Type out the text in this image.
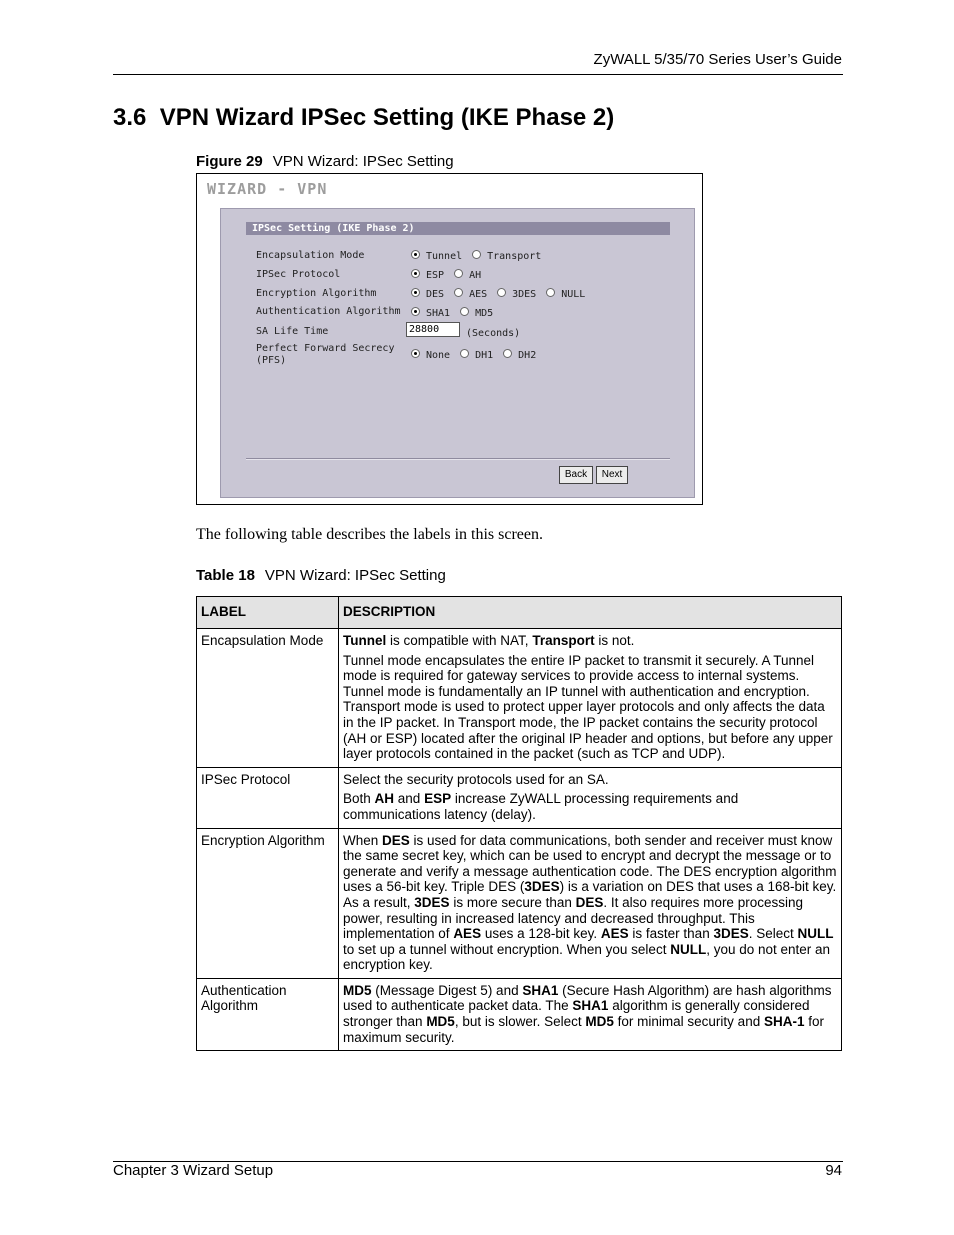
ZyWALL 5/35/70 Series User’s Guide
3.6  VPN Wizard IPSec Setting (IKE Phase 2)
Figure 29 VPN Wizard: IPSec Setting
WIZARD - VPN
IPSec Setting (IKE Phase 2)
Encapsulation Mode	Tunnel	Transport
IPSec Protocol	ESP	AH
Encryption Algorithm	DES	AES	3DES	NULL
Authentication Algorithm	SHA1	MD5
SA Life Time	28800	(Seconds)
Perfect Forward Secrecy
(PFS)	None	DH1	DH2
Back	Next
The following table describes the labels in this screen.
Table 18 VPN Wizard: IPSec Setting
LABEL	DESCRIPTION
Encapsulation Mode	Tunnel is compatible with NAT, Transport is not.

Tunnel mode encapsulates the entire IP packet to transmit it securely. A Tunnel mode is required for gateway services to provide access to internal systems. Tunnel mode is fundamentally an IP tunnel with authentication and encryption. Transport mode is used to protect upper layer protocols and only affects the data in the IP packet. In Transport mode, the IP packet contains the security protocol (AH or ESP) located after the original IP header and options, but before any upper layer protocols contained in the packet (such as TCP and UDP).

IPSec Protocol	Select the security protocols used for an SA.

Both AH and ESP increase ZyWALL processing requirements and communications latency (delay).

Encryption Algorithm	When DES is used for data communications, both sender and receiver must know the same secret key, which can be used to encrypt and decrypt the message or to generate and verify a message authentication code. The DES encryption algorithm uses a 56-bit key. Triple DES (3DES) is a variation on DES that uses a 168-bit key. As a result, 3DES is more secure than DES. It also requires more processing power, resulting in increased latency and decreased throughput. This implementation of AES uses a 128-bit key. AES is faster than 3DES. Select NULL to set up a tunnel without encryption. When you select NULL, you do not enter an encryption key.

Authentication Algorithm	MD5 (Message Digest 5) and SHA1 (Secure Hash Algorithm) are hash algorithms used to authenticate packet data. The SHA1 algorithm is generally considered stronger than MD5, but is slower. Select MD5 for minimal security and SHA-1 for maximum security.

Chapter 3 Wizard Setup	94
